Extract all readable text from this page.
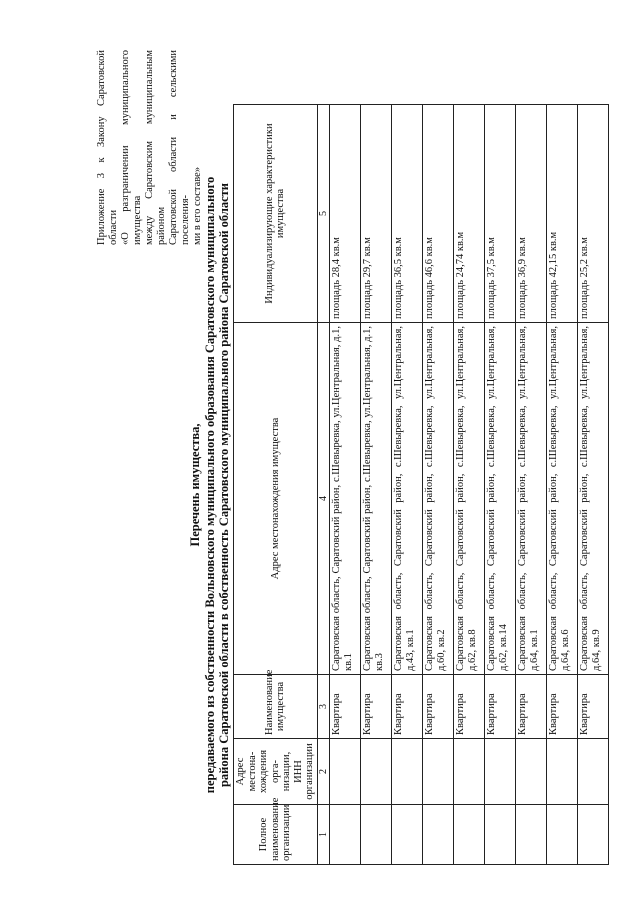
Приложение 3 к Закону Саратовской области «О разграничении муниципального имущества между Саратовским муниципальным районом Саратовской области и сельскими поселения- ми в его составе»
Перечень имущества, передаваемого из собственности Вольновского муниципального образования Саратовского муниципального района Саратовской области в собственность Саратовского муниципального района Саратовской области
Полное наименование организации	Адрес местона-хождения орга-низации, ИНН организации	Наименование имущества	Адрес местонахождения имущества	Индивидуализирующие характеристики имущества
1	2	3	4	5
		Квартира	Саратовская область, Саратовский район, с.Шевыревка, ул.Центральная, д.1, кв.1	площадь 28,4 кв.м
		Квартира	Саратовская область, Саратовский район, с.Шевыревка, ул.Центральная, д.1, кв.3	площадь 29,7 кв.м
		Квартира	Саратовская область, Саратовский район, с.Шевыревка, ул.Центральная, д.43, кв.1	площадь 36,5 кв.м
		Квартира	Саратовская область, Саратовский район, с.Шевыревка, ул.Центральная, д.60, кв.2	площадь 46,6 кв.м
		Квартира	Саратовская область, Саратовский район, с.Шевыревка, ул.Центральная, д.62, кв.8	площадь 24,74 кв.м
		Квартира	Саратовская область, Саратовский район, с.Шевыревка, ул.Центральная, д.62, кв.14	площадь 37,5 кв.м
		Квартира	Саратовская область, Саратовский район, с.Шевыревка, ул.Центральная, д.64, кв.1	площадь 36,9 кв.м
		Квартира	Саратовская область, Саратовский район, с.Шевыревка, ул.Центральная, д.64, кв.6	площадь 42,15 кв.м
		Квартира	Саратовская область, Саратовский район, с.Шевыревка, ул.Центральная, д.64, кв.9	площадь 25,2 кв.м
